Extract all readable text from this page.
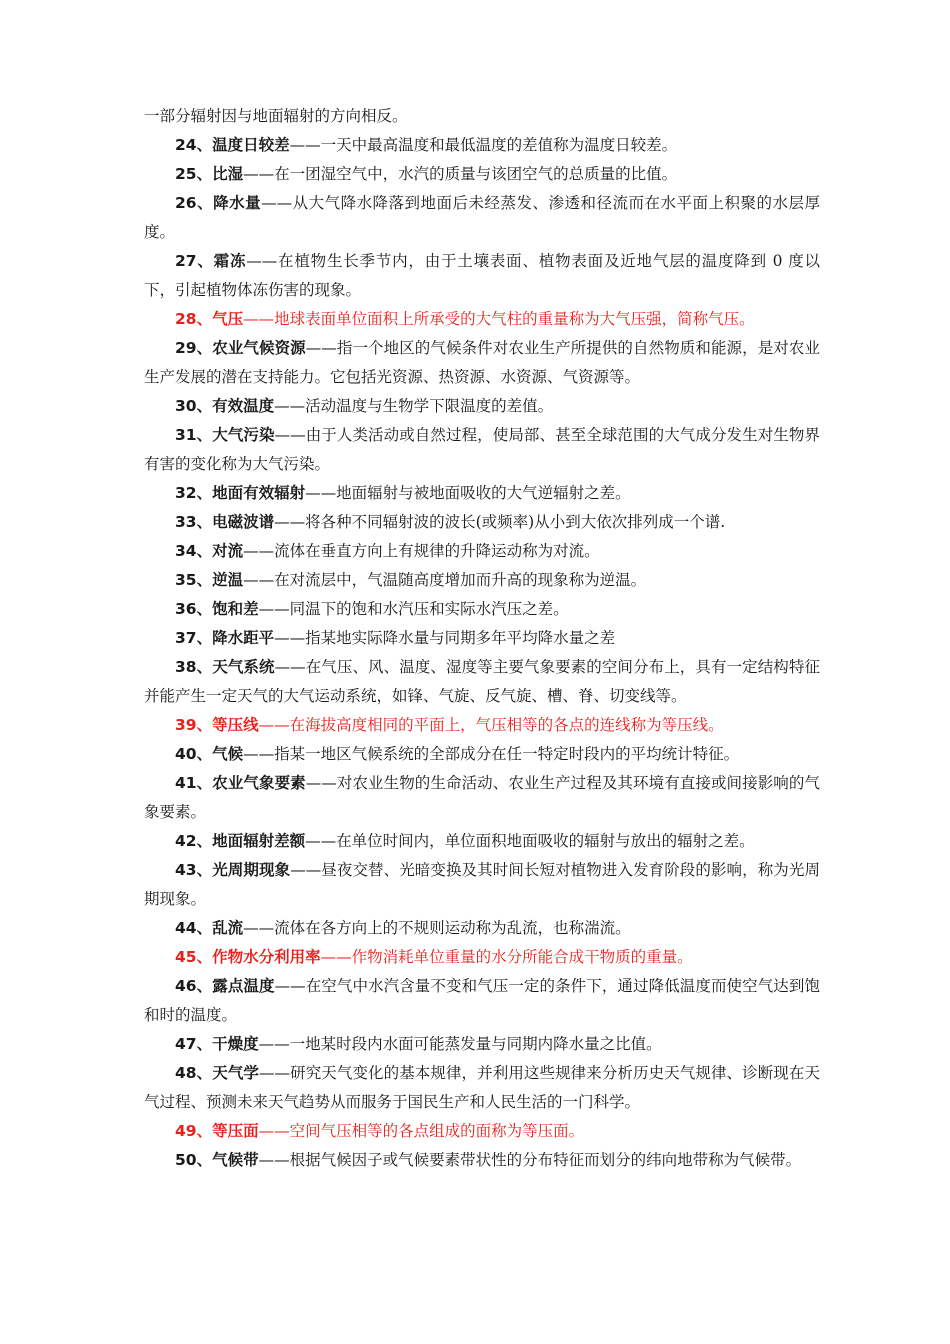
一部分辐射因与地面辐射的方向相反。

24、温度日较差——一天中最高温度和最低温度的差值称为温度日较差。

25、比湿——在一团湿空气中，水汽的质量与该团空气的总质量的比值。

26、降水量——从大气降水降落到地面后未经蒸发、渗透和径流而在水平面上积聚的水层厚度。

27、霜冻——在植物生长季节内，由于土壤表面、植物表面及近地气层的温度降到 0 度以下，引起植物体冻伤害的现象。

28、气压——地球表面单位面积上所承受的大气柱的重量称为大气压强，简称气压。

29、农业气候资源——指一个地区的气候条件对农业生产所提供的自然物质和能源，是对农业生产发展的潜在支持能力。它包括光资源、热资源、水资源、气资源等。

30、有效温度——活动温度与生物学下限温度的差值。

31、大气污染——由于人类活动或自然过程，使局部、甚至全球范围的大气成分发生对生物界有害的变化称为大气污染。

32、地面有效辐射——地面辐射与被地面吸收的大气逆辐射之差。

33、电磁波谱——将各种不同辐射波的波长(或频率)从小到大依次排列成一个谱.

34、对流——流体在垂直方向上有规律的升降运动称为对流。

35、逆温——在对流层中，气温随高度增加而升高的现象称为逆温。

36、饱和差——同温下的饱和水汽压和实际水汽压之差。

37、降水距平——指某地实际降水量与同期多年平均降水量之差

38、天气系统——在气压、风、温度、湿度等主要气象要素的空间分布上，具有一定结构特征并能产生一定天气的大气运动系统，如锋、气旋、反气旋、槽、脊、切变线等。

39、等压线——在海拔高度相同的平面上，气压相等的各点的连线称为等压线。

40、气候——指某一地区气候系统的全部成分在任一特定时段内的平均统计特征。

41、农业气象要素——对农业生物的生命活动、农业生产过程及其环境有直接或间接影响的气象要素。

42、地面辐射差额——在单位时间内，单位面积地面吸收的辐射与放出的辐射之差。

43、光周期现象——昼夜交替、光暗变换及其时间长短对植物进入发育阶段的影响，称为光周期现象。

44、乱流——流体在各方向上的不规则运动称为乱流，也称湍流。

45、作物水分利用率——作物消耗单位重量的水分所能合成干物质的重量。

46、露点温度——在空气中水汽含量不变和气压一定的条件下，通过降低温度而使空气达到饱和时的温度。

47、干燥度——一地某时段内水面可能蒸发量与同期内降水量之比值。

48、天气学——研究天气变化的基本规律，并利用这些规律来分析历史天气规律、诊断现在天气过程、预测未来天气趋势从而服务于国民生产和人民生活的一门科学。

49、等压面——空间气压相等的各点组成的面称为等压面。

50、气候带——根据气候因子或气候要素带状性的分布特征而划分的纬向地带称为气候带。
